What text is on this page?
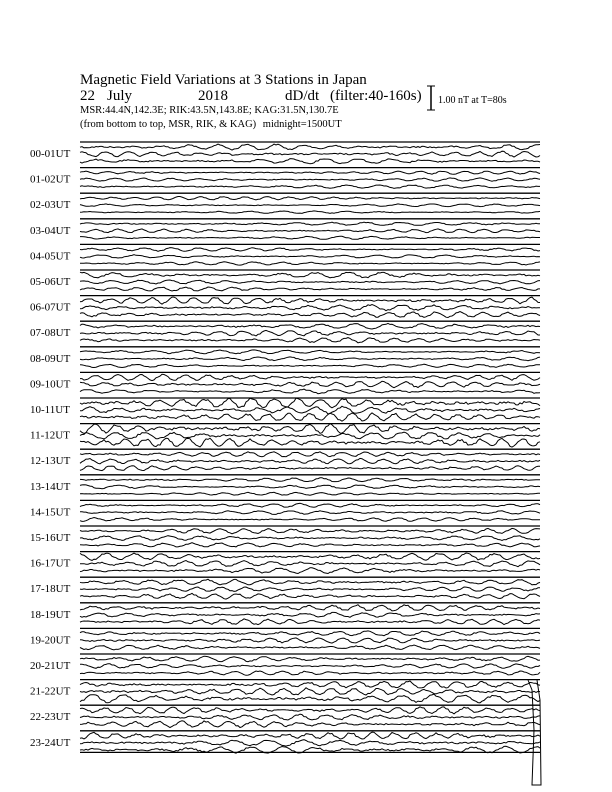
Magnetic Field Variations at 3 Stations in Japan
22 July	2018	dD/dt (filter:40-160s)
MSR:44.4N,142.3E; RIK:43.5N,143.8E; KAG:31.5N,130.7E
(from bottom to top, MSR, RIK, & KAG) midnight=1500UT
1.00 nT at T=80s
00-01UT
01-02UT
02-03UT
03-04UT
04-05UT
05-06UT
06-07UT
07-08UT
08-09UT
09-10UT
10-11UT
11-12UT
12-13UT
13-14UT
14-15UT
15-16UT
16-17UT
17-18UT
18-19UT
19-20UT
20-21UT
21-22UT
22-23UT
23-24UT
